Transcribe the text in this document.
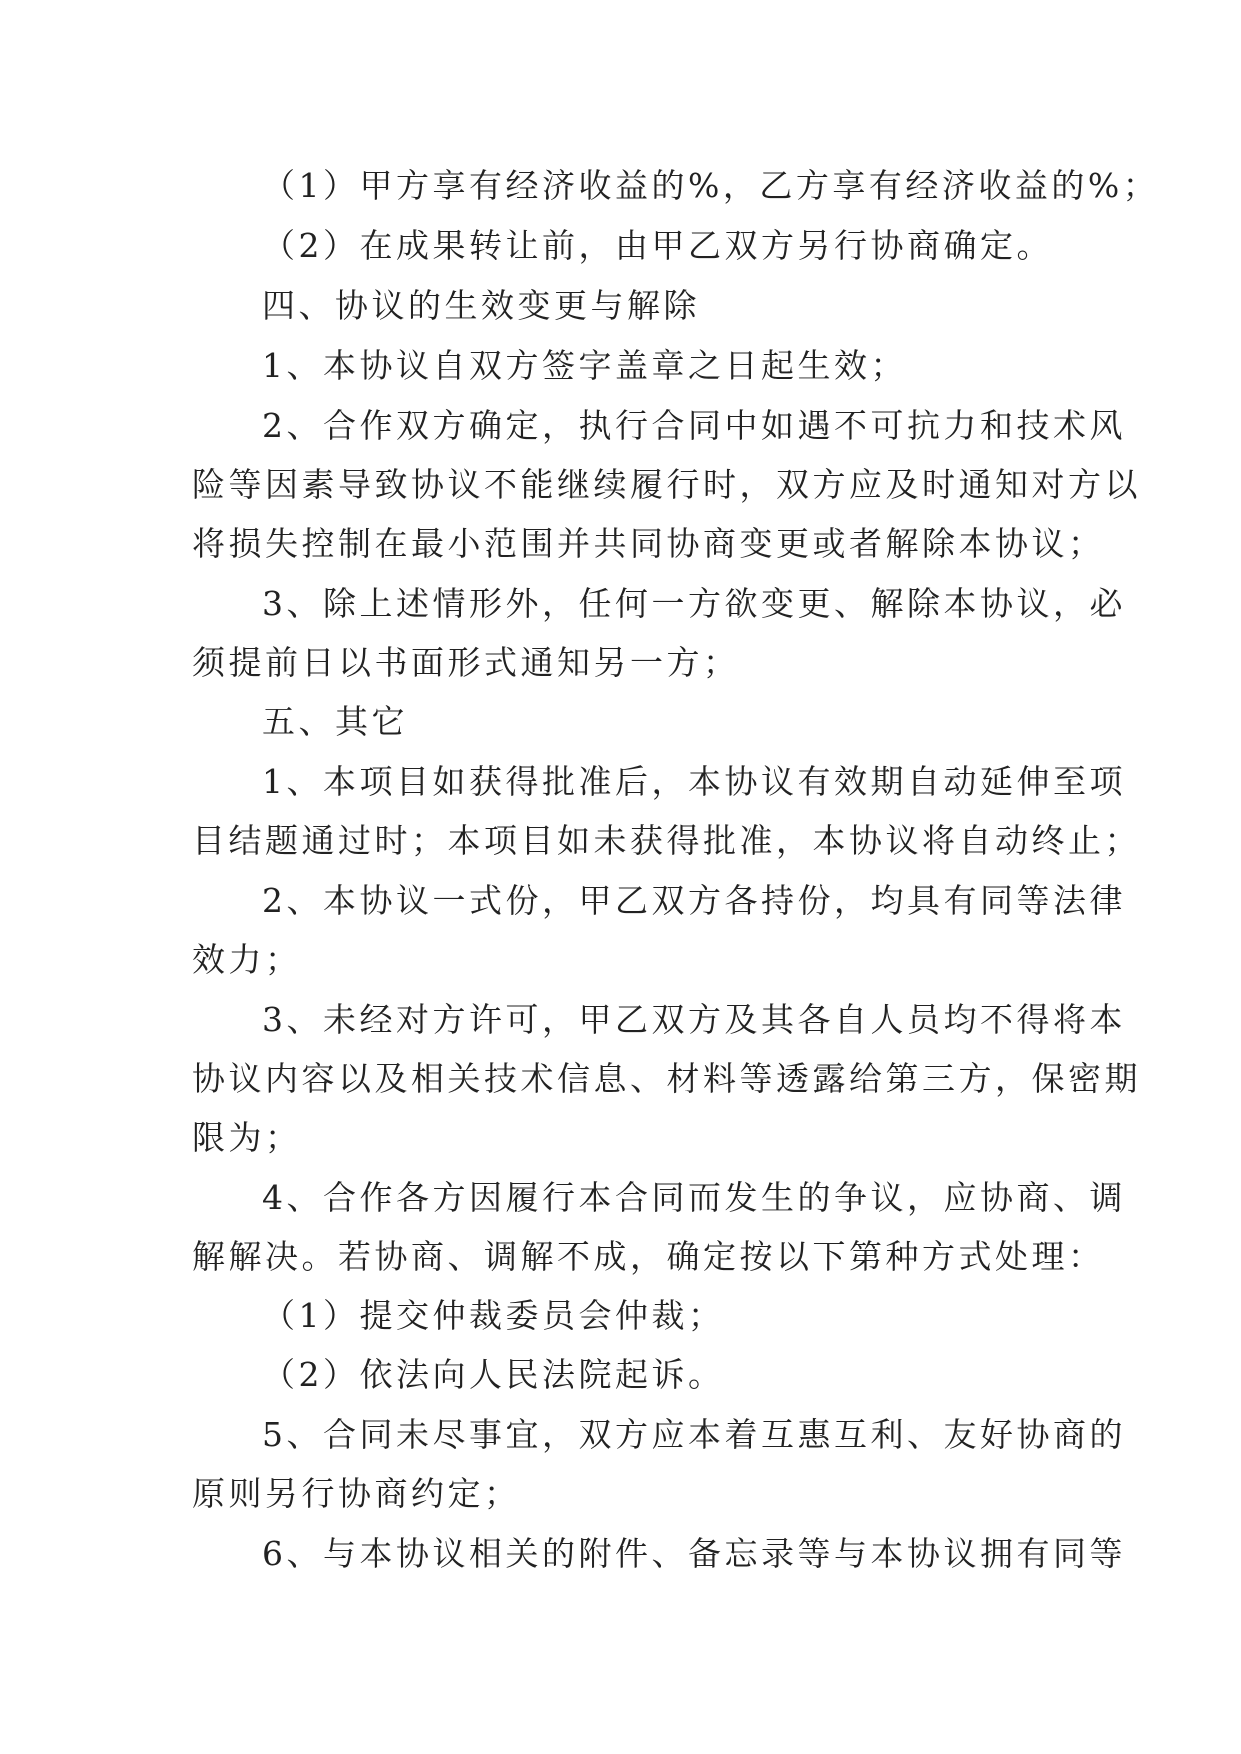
（1）甲方享有经济收益的%，乙方享有经济收益的%；
（2）在成果转让前，由甲乙双方另行协商确定。
四、协议的生效变更与解除
1、本协议自双方签字盖章之日起生效；
2、合作双方确定，执行合同中如遇不可抗力和技术风
险等因素导致协议不能继续履行时，双方应及时通知对方以
将损失控制在最小范围并共同协商变更或者解除本协议；
3、除上述情形外，任何一方欲变更、解除本协议，必
须提前日以书面形式通知另一方；
五、其它
1、本项目如获得批准后，本协议有效期自动延伸至项
目结题通过时；本项目如未获得批准，本协议将自动终止；
2、本协议一式份，甲乙双方各持份，均具有同等法律
效力；
3、未经对方许可，甲乙双方及其各自人员均不得将本
协议内容以及相关技术信息、材料等透露给第三方，保密期
限为；
4、合作各方因履行本合同而发生的争议，应协商、调
解解决。若协商、调解不成，确定按以下第种方式处理：
（1）提交仲裁委员会仲裁；
（2）依法向人民法院起诉。
5、合同未尽事宜，双方应本着互惠互利、友好协商的
原则另行协商约定；
6、与本协议相关的附件、备忘录等与本协议拥有同等
